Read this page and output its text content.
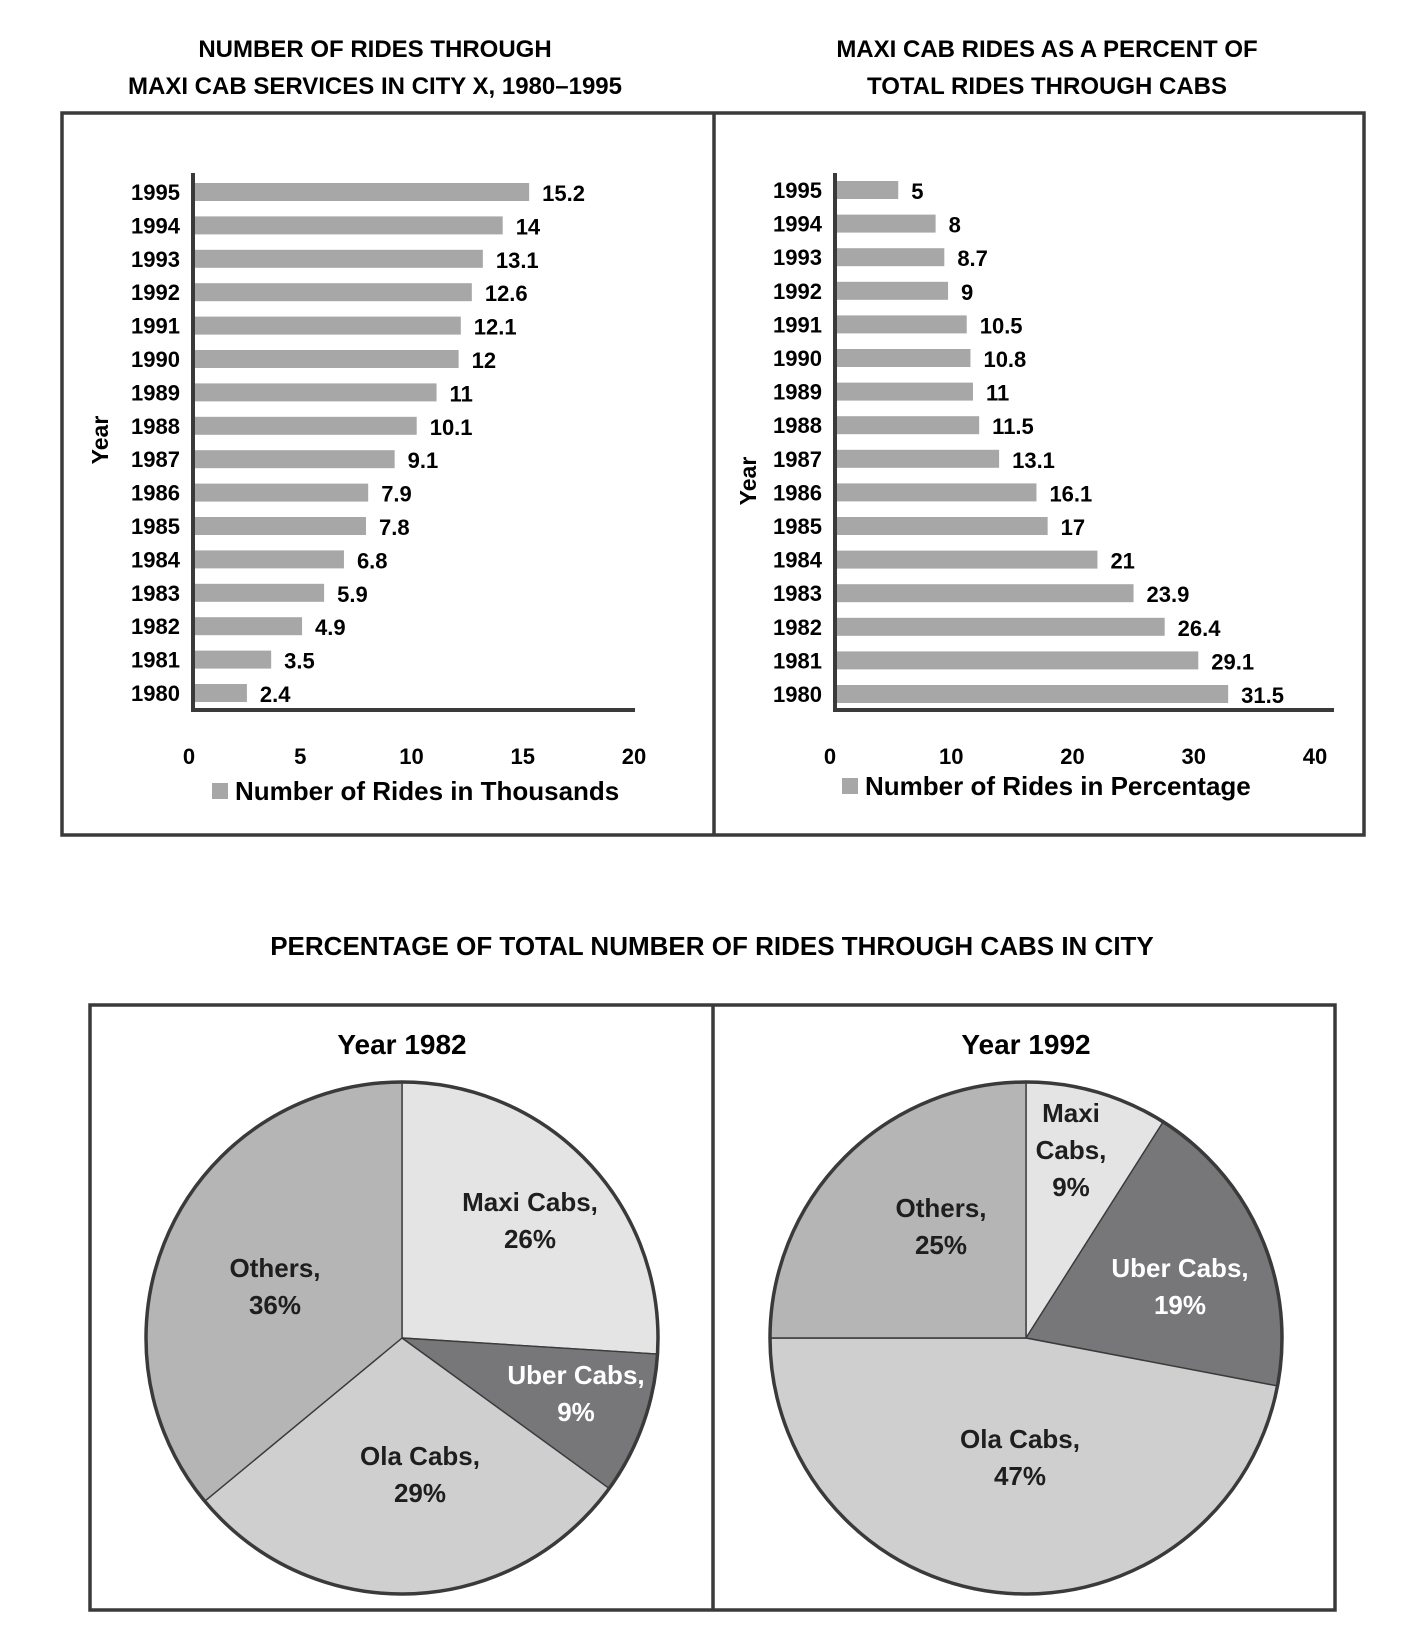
NUMBER OF RIDES THROUGH
MAXI CAB SERVICES IN CITY X, 1980–1995
MAXI CAB RIDES AS A PERCENT OF
TOTAL RIDES THROUGH CABS
1995	15.2
1994	14
1993	13.1
1992	12.6
1991	12.1
1990	12
1989	11
1988	10.1
1987	9.1
1986	7.9
1985	7.8
1984	6.8
1983	5.9
1982	4.9
1981	3.5
1980	2.4
0	5	10	15	20
Year
Number of Rides in Thousands
1995	5
1994	8
1993	8.7
1992	9
1991	10.5
1990	10.8
1989	11
1988	11.5
1987	13.1
1986	16.1
1985	17
1984	21
1983	23.9
1982	26.4
1981	29.1
1980	31.5
0	10	20	30	40
Year
Number of Rides in Percentage
PERCENTAGE OF TOTAL NUMBER OF RIDES THROUGH CABS IN CITY
Year 1982	Year 1992
Maxi Cabs,
26%
Uber Cabs,
9%
Ola Cabs,
29%
Others,
36%
Maxi
Cabs,
9%
Uber Cabs,
19%
Ola Cabs,
47%
Others,
25%
